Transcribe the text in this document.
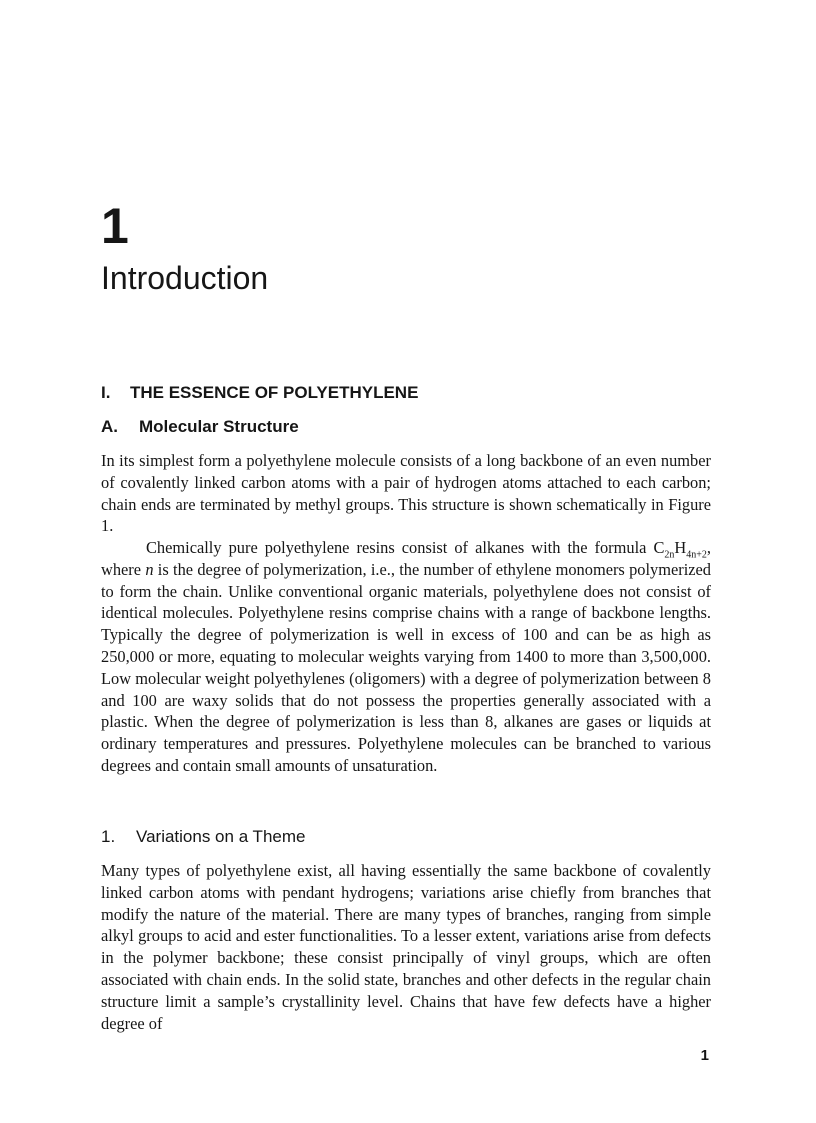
1
Introduction
I. THE ESSENCE OF POLYETHYLENE
A. Molecular Structure

In its simplest form a polyethylene molecule consists of a long backbone of an even number of covalently linked carbon atoms with a pair of hydrogen atoms attached to each carbon; chain ends are terminated by methyl groups. This structure is shown schematically in Figure 1.

Chemically pure polyethylene resins consist of alkanes with the formula $C_{2n}H_{4n+2}$, where n is the degree of polymerization, i.e., the number of ethylene monomers polymerized to form the chain. Unlike conventional organic materials, polyethylene does not consist of identical molecules. Polyethylene resins comprise chains with a range of backbone lengths. Typically the degree of polymerization is well in excess of 100 and can be as high as 250,000 or more, equating to molecular weights varying from 1400 to more than 3,500,000. Low molecular weight polyethylenes (oligomers) with a degree of polymerization between 8 and 100 are waxy solids that do not possess the properties generally associated with a plastic. When the degree of polymerization is less than 8, alkanes are gases or liquids at ordinary temperatures and pressures. Polyethylene molecules can be branched to various degrees and contain small amounts of unsaturation.

1. Variations on a Theme

Many types of polyethylene exist, all having essentially the same backbone of covalently linked carbon atoms with pendant hydrogens; variations arise chiefly from branches that modify the nature of the material. There are many types of branches, ranging from simple alkyl groups to acid and ester functionalities. To a lesser extent, variations arise from defects in the polymer backbone; these consist principally of vinyl groups, which are often associated with chain ends. In the solid state, branches and other defects in the regular chain structure limit a sample’s crystallinity level. Chains that have few defects have a higher degree of

1
